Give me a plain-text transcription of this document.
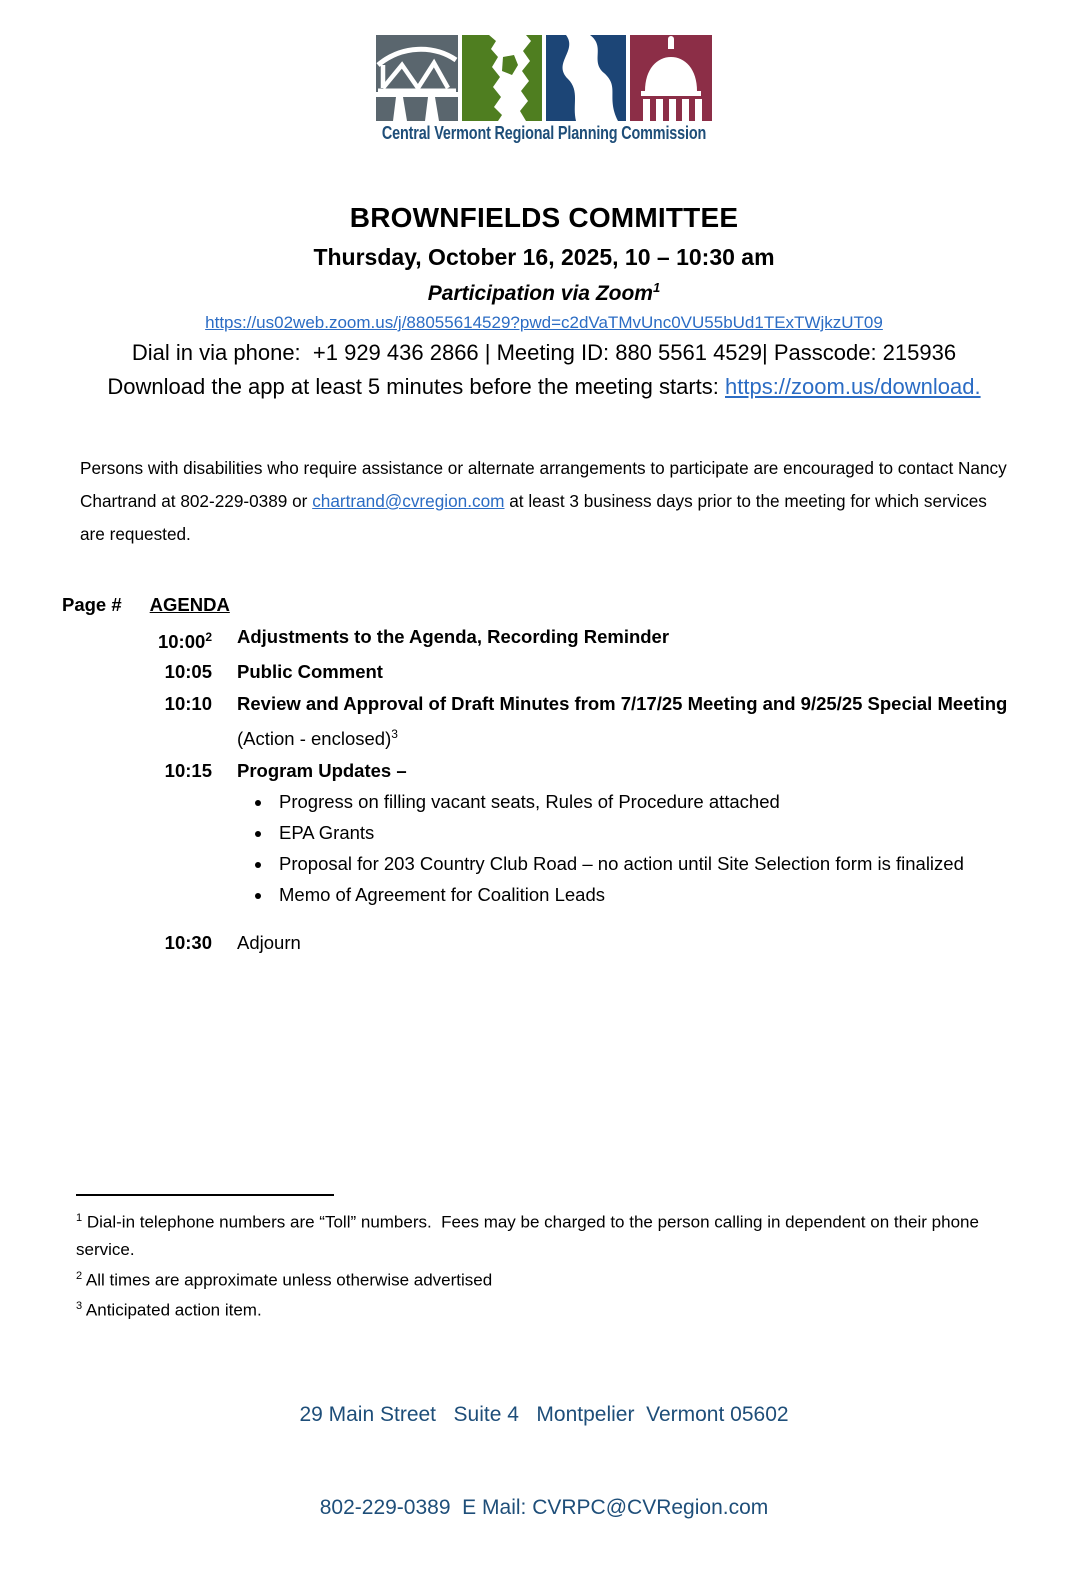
Central Vermont Regional Planning Commission
BROWNFIELDS COMMITTEE
Thursday, October 16, 2025, 10 – 10:30 am
Participation via Zoom$^1$
https://us02web.zoom.us/j/88055614529?pwd=c2dVaTMvUnc0VU55bUd1TExTWjkzUT09
Dial in via phone:  +1 929 436 2866 | Meeting ID: 880 5561 4529| Passcode: 215936
Download the app at least 5 minutes before the meeting starts: https://zoom.us/download.

Persons with disabilities who require assistance or alternate arrangements to participate are encouraged to contact Nancy Chartrand at 802-229-0389 or chartrand@cvregion.com at least 3 business days prior to the meeting for which services are requested.

Page # AGENDA
$10:00^2$ Adjustments to the Agenda, Recording Reminder
10:05 Public Comment
10:10 Review and Approval of Draft Minutes from 7/17/25 Meeting and 9/25/25 Special Meeting (Action - enclosed)$^3$
10:15 Program Updates –
• Progress on filling vacant seats, Rules of Procedure attached
• EPA Grants
• Proposal for 203 Country Club Road – no action until Site Selection form is finalized
• Memo of Agreement for Coalition Leads
10:30 Adjourn
$^1$ Dial-in telephone numbers are “Toll” numbers.  Fees may be charged to the person calling in dependent on their phone service.
$^2$ All times are approximate unless otherwise advertised
$^3$ Anticipated action item.

29 Main Street   Suite 4   Montpelier  Vermont 05602

802-229-0389  E Mail: CVRPC@CVRegion.com
